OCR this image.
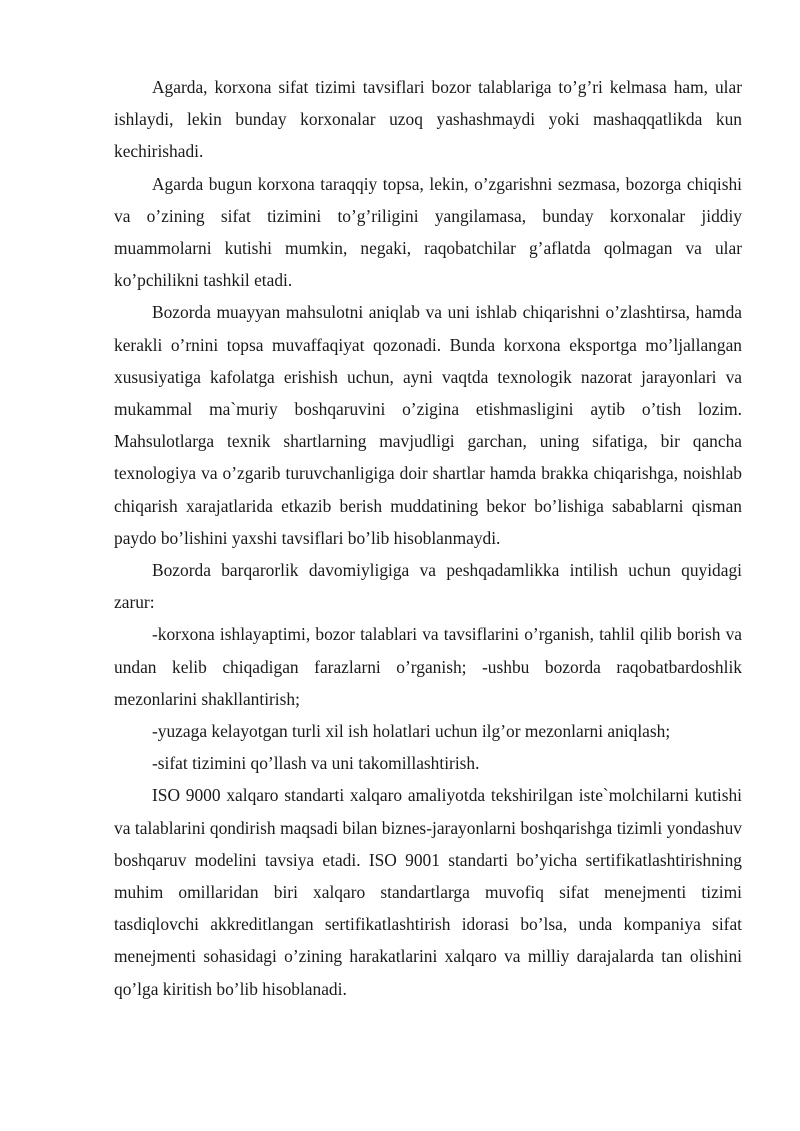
Agarda, korxona sifat tizimi tavsiflari bozor talablariga to’g’ri kelmasa ham, ular ishlaydi, lekin bunday korxonalar uzoq yashashmaydi yoki mashaqqatlikda kun kechirishadi.

Agarda bugun korxona taraqqiy topsa, lekin, o’zgarishni sezmasa, bozorga chiqishi va o’zining sifat tizimini to’g’riligini yangilamasa, bunday korxonalar jiddiy muammolarni kutishi mumkin, negaki, raqobatchilar g’aflatda qolmagan va ular ko’pchilikni tashkil etadi.

Bozorda muayyan mahsulotni aniqlab va uni ishlab chiqarishni o’zlashtirsa, hamda kerakli o’rnini topsa muvaffaqiyat qozonadi. Bunda korxona eksportga mo’ljallangan xususiyatiga kafolatga erishish uchun, ayni vaqtda texnologik nazorat jarayonlari va mukammal ma`muriy boshqaruvini o’zigina etishmasligini aytib o’tish lozim. Mahsulotlarga texnik shartlarning mavjudligi garchan, uning sifatiga, bir qancha texnologiya va o’zgarib turuvchanligiga doir shartlar hamda brakka chiqarishga, noishlab chiqarish xarajatlarida etkazib berish muddatining bekor bo’lishiga sabablarni qisman paydo bo’lishini yaxshi tavsiflari bo’lib hisoblanmaydi.

Bozorda barqarorlik davomiyligiga va peshqadamlikka intilish uchun quyidagi zarur:

-korxona ishlayaptimi, bozor talablari va tavsiflarini o’rganish, tahlil qilib borish va undan kelib chiqadigan farazlarni o’rganish; -ushbu bozorda raqobatbardoshlik mezonlarini shakllantirish;

-yuzaga kelayotgan turli xil ish holatlari uchun ilg’or mezonlarni aniqlash;

-sifat tizimini qo’llash va uni takomillashtirish.

ISO 9000 xalqaro standarti xalqaro amaliyotda tekshirilgan iste`molchilarni kutishi va talablarini qondirish maqsadi bilan biznes-jarayonlarni boshqarishga tizimli yondashuv boshqaruv modelini tavsiya etadi. ISO 9001 standarti bo’yicha sertifikatlashtirishning muhim omillaridan biri xalqaro standartlarga muvofiq sifat menejmenti tizimi tasdiqlovchi akkreditlangan sertifikatlashtirish idorasi bo’lsa, unda kompaniya sifat menejmenti sohasidagi o’zining harakatlarini xalqaro va milliy darajalarda tan olishini qo’lga kiritish bo’lib hisoblanadi.
